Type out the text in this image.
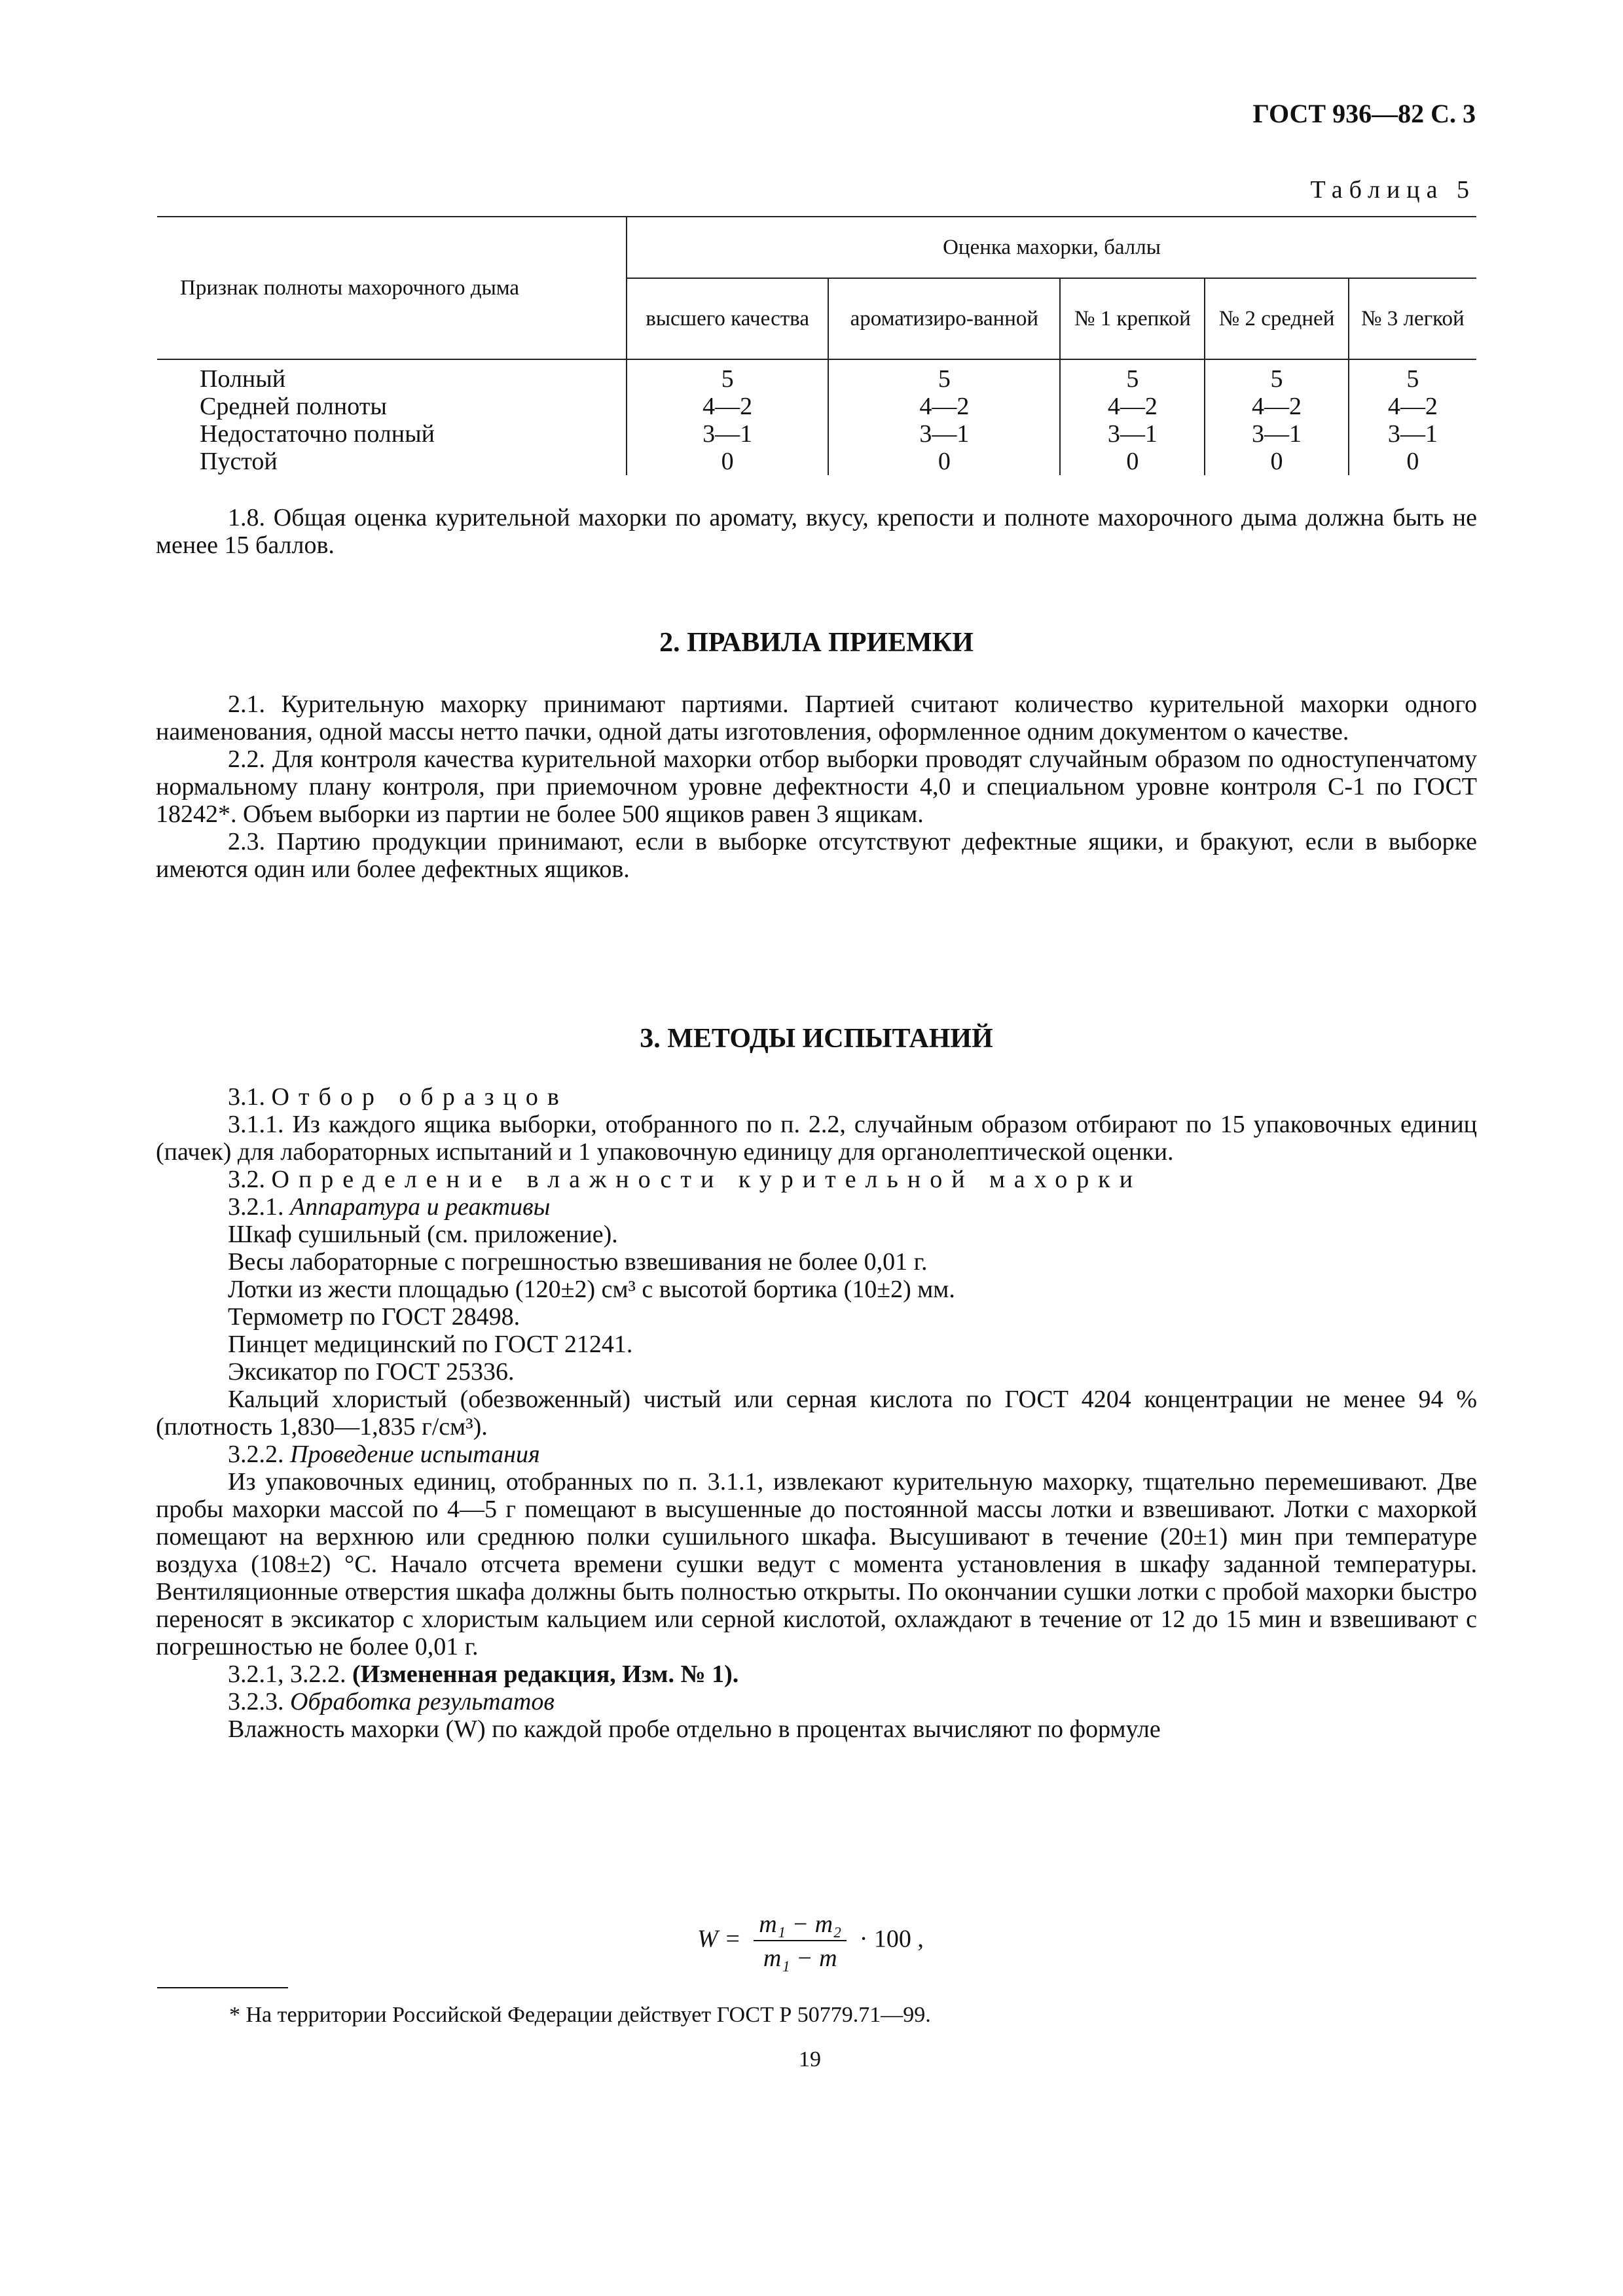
ГОСТ 936—82 С. 3
Таблица 5
Признак полноты махорочного дыма	Оценка махорки, баллы				
	высшего качества	ароматизиро-ванной	№ 1 крепкой	№ 2 средней	№ 3 легкой
Полный	5	5	5	5	5
Средней полноты	4—2	4—2	4—2	4—2	4—2
Недостаточно полный	3—1	3—1	3—1	3—1	3—1
Пустой	0	0	0	0	0

1.8. Общая оценка курительной махорки по аромату, вкусу, крепости и полноте махорочного дыма должна быть не менее 15 баллов.

2. ПРАВИЛА ПРИЕМКИ

2.1. Курительную махорку принимают партиями. Партией считают количество курительной махорки одного наименования, одной массы нетто пачки, одной даты изготовления, оформленное одним документом о качестве.

2.2. Для контроля качества курительной махорки отбор выборки проводят случайным образом по одноступенчатому нормальному плану контроля, при приемочном уровне дефектности 4,0 и специальном уровне контроля С-1 по ГОСТ 18242*. Объем выборки из партии не более 500 ящиков равен 3 ящикам.

2.3. Партию продукции принимают, если в выборке отсутствуют дефектные ящики, и бракуют, если в выборке имеются один или более дефектных ящиков.

3. МЕТОДЫ ИСПЫТАНИЙ

3.1. Отбор образцов

3.1.1. Из каждого ящика выборки, отобранного по п. 2.2, случайным образом отбирают по 15 упаковочных единиц (пачек) для лабораторных испытаний и 1 упаковочную единицу для органолептической оценки.

3.2. Определение влажности курительной махорки

3.2.1. Аппаратура и реактивы

Шкаф сушильный (см. приложение).

Весы лабораторные с погрешностью взвешивания не более 0,01 г.

Лотки из жести площадью (120±2) см³ с высотой бортика (10±2) мм.

Термометр по ГОСТ 28498.

Пинцет медицинский по ГОСТ 21241.

Эксикатор по ГОСТ 25336.

Кальций хлористый (обезвоженный) чистый или серная кислота по ГОСТ 4204 концентрации не менее 94 % (плотность 1,830—1,835 г/см³).

3.2.2. Проведение испытания

Из упаковочных единиц, отобранных по п. 3.1.1, извлекают курительную махорку, тщательно перемешивают. Две пробы махорки массой по 4—5 г помещают в высушенные до постоянной массы лотки и взвешивают. Лотки с махоркой помещают на верхнюю или среднюю полки сушильного шкафа. Высушивают в течение (20±1) мин при температуре воздуха (108±2) °С. Начало отсчета времени сушки ведут с момента установления в шкафу заданной температуры. Вентиляционные отверстия шкафа должны быть полностью открыты. По окончании сушки лотки с пробой махорки быстро переносят в эксикатор с хлористым кальцием или серной кислотой, охлаждают в течение от 12 до 15 мин и взвешивают с погрешностью не более 0,01 г.

3.2.1, 3.2.2. (Измененная редакция, Изм. № 1).

3.2.3. Обработка результатов

Влажность махорки (W) по каждой пробе отдельно в процентах вычисляют по формуле

$W = \frac{\text{m₁ − m₂}}{\text{m₁ − m}} \cdot 100$ ,
* На территории Российской Федерации действует ГОСТ Р 50779.71—99.
19
